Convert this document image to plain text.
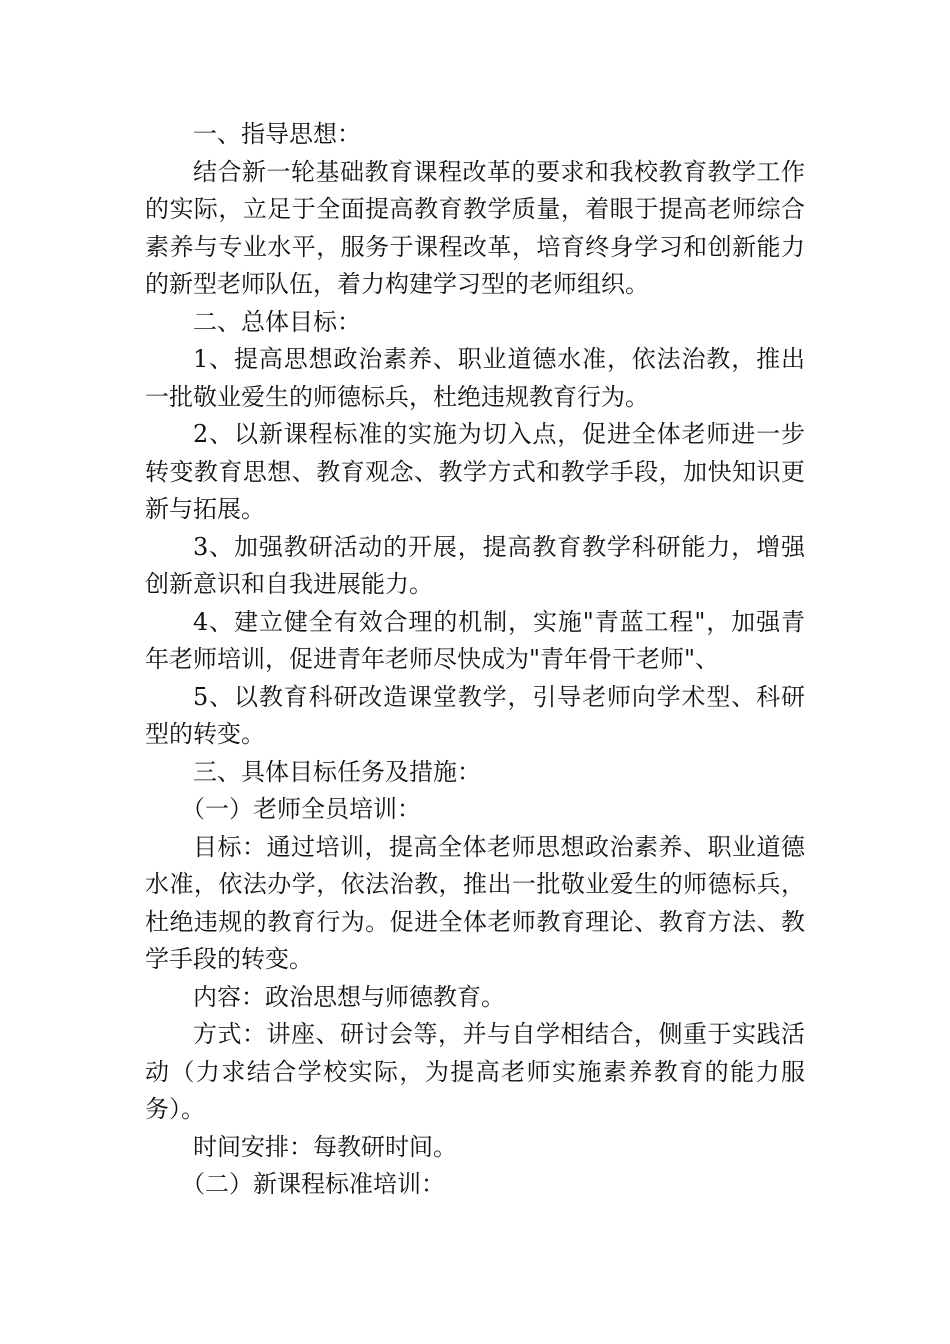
一、指导思想：

结合新一轮基础教育课程改革的要求和我校教育教学工作的实际，立足于全面提高教育教学质量，着眼于提高老师综合素养与专业水平，服务于课程改革，培育终身学习和创新能力的新型老师队伍，着力构建学习型的老师组织。

二、总体目标：

1、提高思想政治素养、职业道德水准，依法治教，推出一批敬业爱生的师德标兵，杜绝违规教育行为。

2、以新课程标准的实施为切入点，促进全体老师进一步转变教育思想、教育观念、教学方式和教学手段，加快知识更新与拓展。

3、加强教研活动的开展，提高教育教学科研能力，增强创新意识和自我进展能力。

4、建立健全有效合理的机制，实施"青蓝工程"，加强青年老师培训，促进青年老师尽快成为"青年骨干老师"、

5、以教育科研改造课堂教学，引导老师向学术型、科研型的转变。

三、具体目标任务及措施：

（一）老师全员培训：

目标：通过培训，提高全体老师思想政治素养、职业道德水准，依法办学，依法治教，推出一批敬业爱生的师德标兵，杜绝违规的教育行为。促进全体老师教育理论、教育方法、教学手段的转变。

内容：政治思想与师德教育。

方式：讲座、研讨会等，并与自学相结合，侧重于实践活动（力求结合学校实际，为提高老师实施素养教育的能力服务）。

时间安排：每教研时间。

（二）新课程标准培训：
